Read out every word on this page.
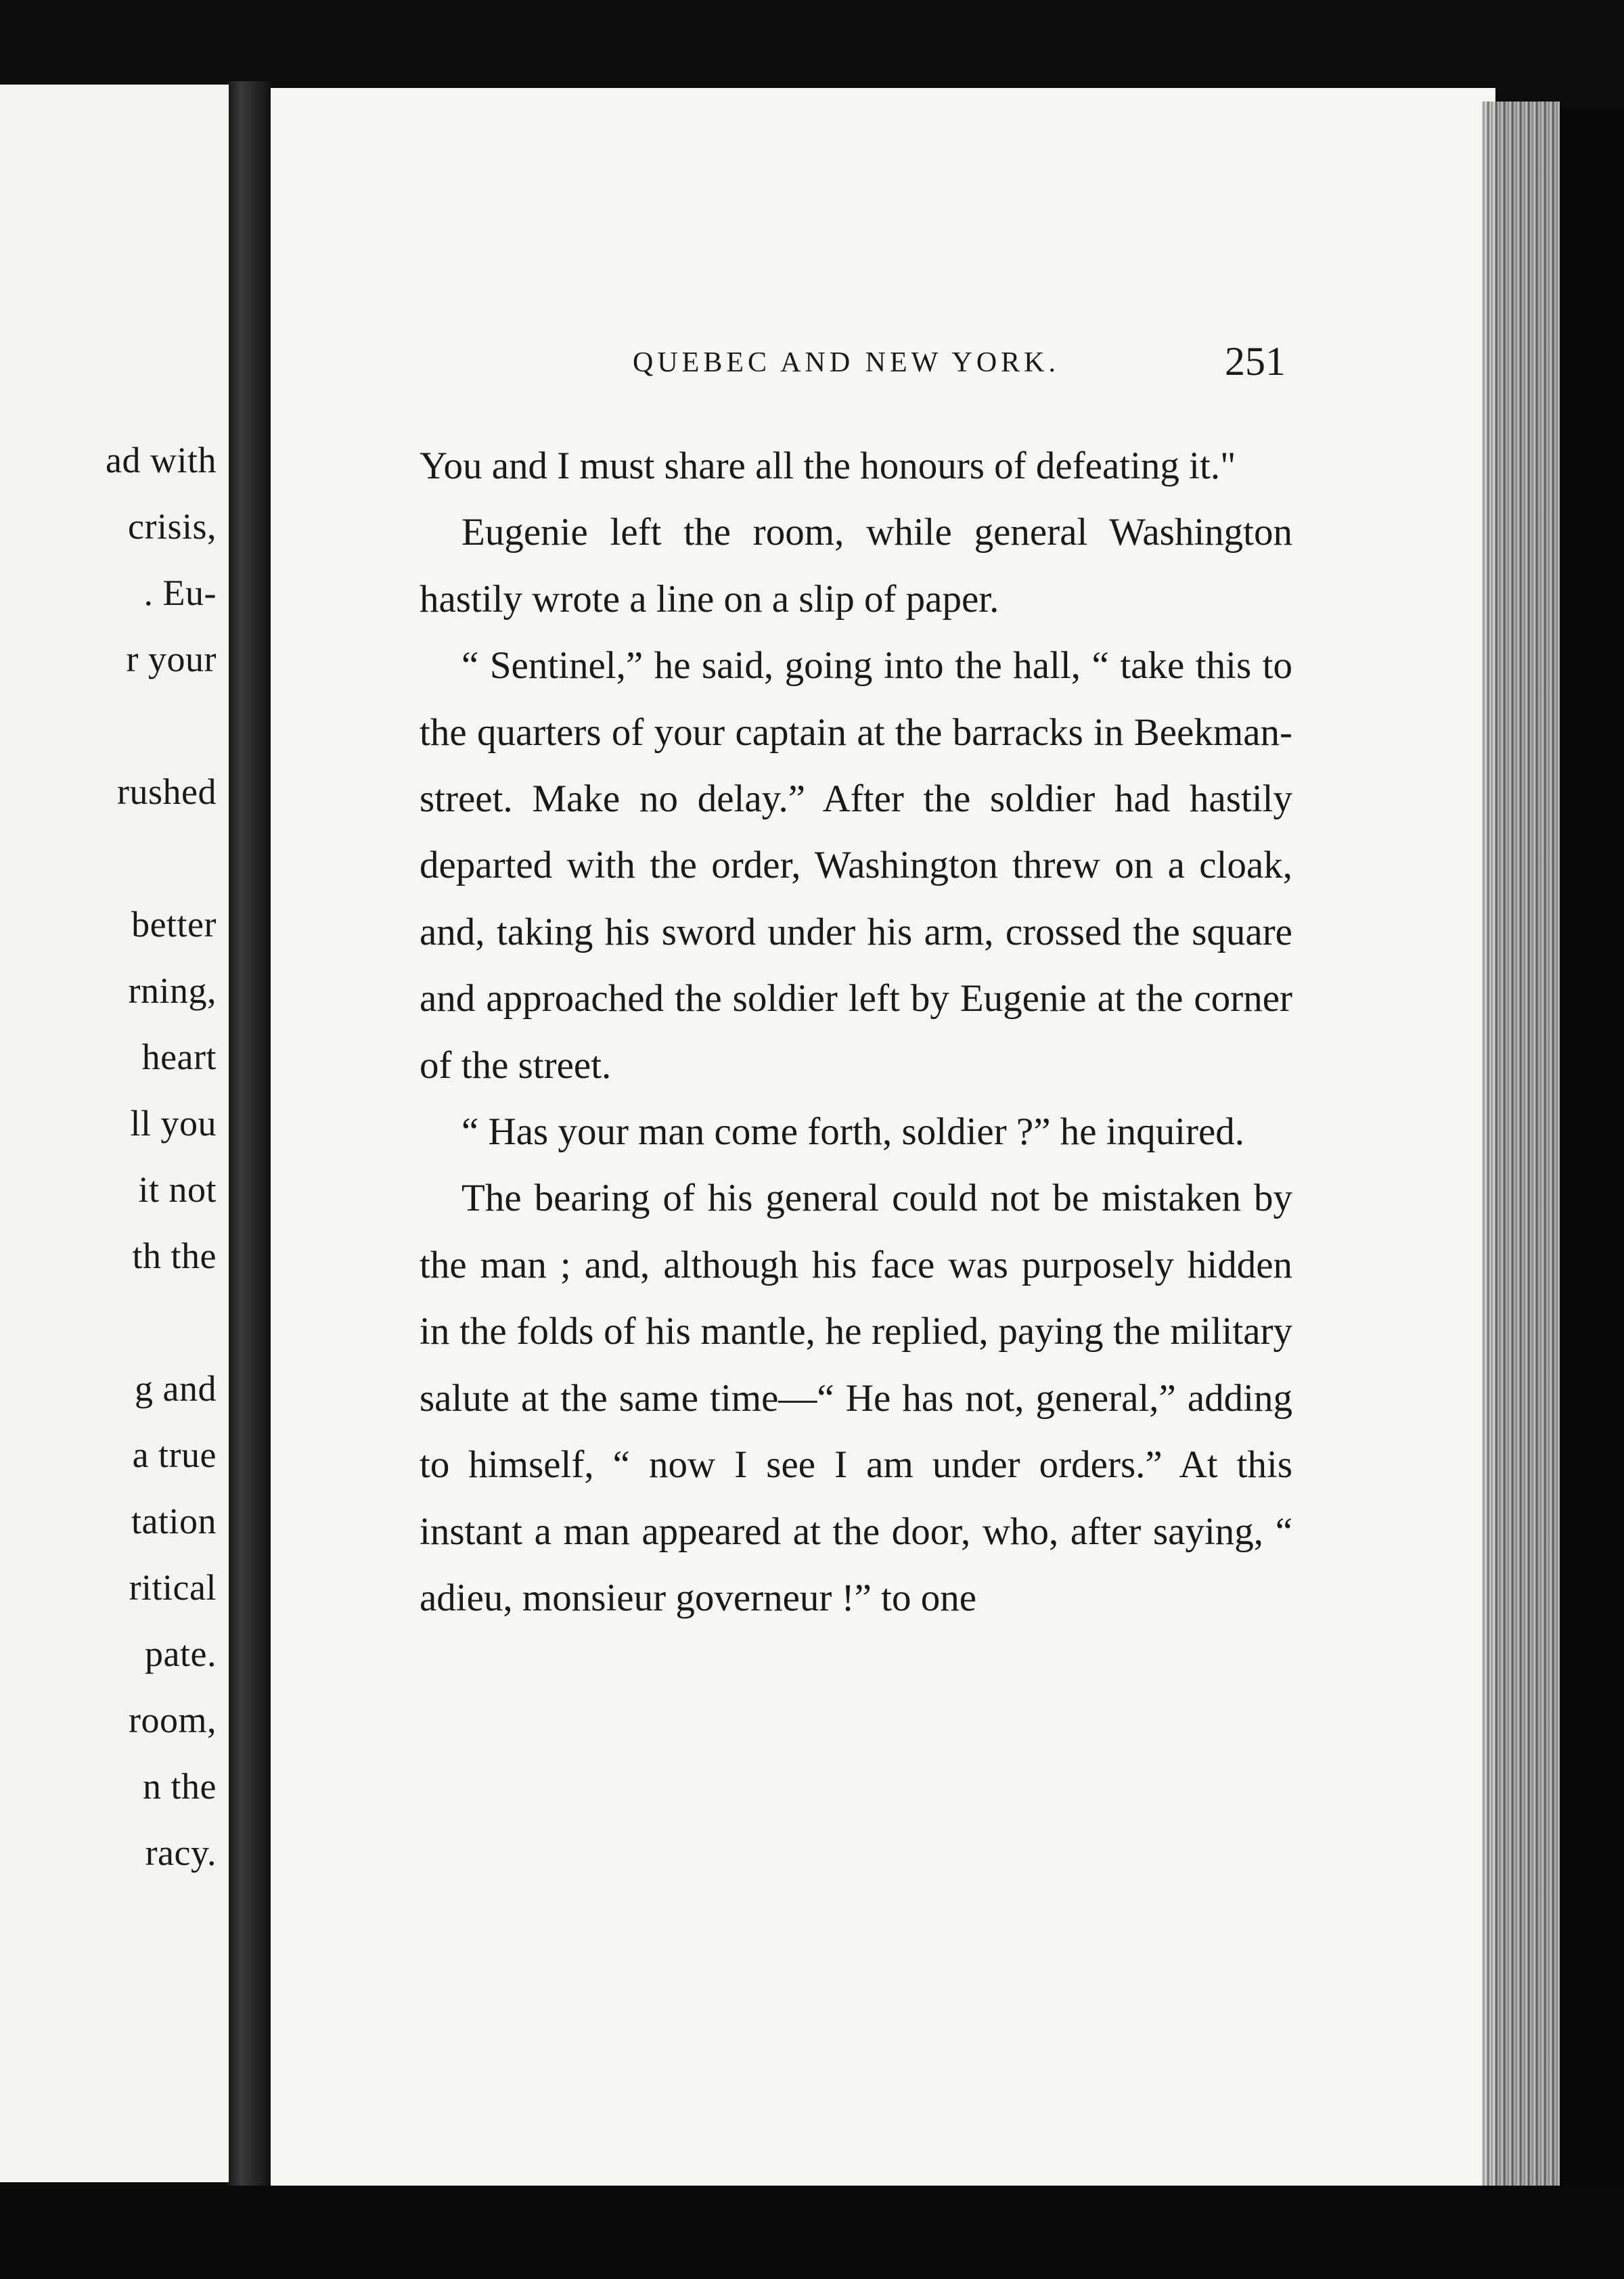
ad with
crisis,
. Eu-
r your
rushed
better
rning,
heart
ll you
it not
th the
g and
a true
tation
ritical
pate.
room,
n the
racy.
QUEBEC AND NEW YORK.	251

You and I must share all the honours of defeating it."

Eugenie left the room, while general Washington hastily wrote a line on a slip of paper.

“ Sentinel,” he said, going into the hall, “ take this to the quarters of your captain at the barracks in Beekman-street. Make no delay.” After the soldier had hastily departed with the order, Washington threw on a cloak, and, taking his sword under his arm, crossed the square and approached the soldier left by Eugenie at the corner of the street.

“ Has your man come forth, soldier ?” he inquired.

The bearing of his general could not be mistaken by the man ; and, although his face was purposely hidden in the folds of his mantle, he replied, paying the military salute at the same time—“ He has not, general,” adding to himself, “ now I see I am under orders.” At this instant a man appeared at the door, who, after saying, “ adieu, monsieur governeur !” to one
